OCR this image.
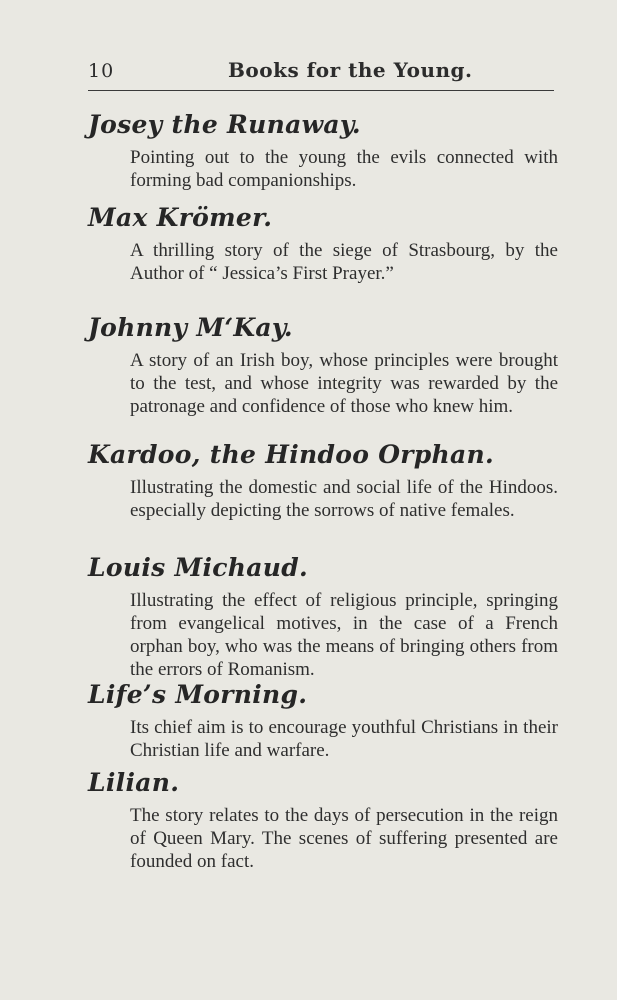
10	Books for the Young.
Josey the Runaway.

Pointing out to the young the evils connected with forming bad companionships.

Max Krömer.

A thrilling story of the siege of Strasbourg, by the Author of “ Jessica’s First Prayer.”

Johnny M‘Kay.

A story of an Irish boy, whose principles were brought to the test, and whose integrity was rewarded by the patronage and confidence of those who knew him.

Kardoo, the Hindoo Orphan.

Illustrating the domestic and social life of the Hindoos. especially depicting the sorrows of native females.

Louis Michaud.

Illustrating the effect of religious principle, springing from evangelical motives, in the case of a French orphan boy, who was the means of bringing others from the errors of Romanism.

Life’s Morning.

Its chief aim is to encourage youthful Christians in their Christian life and warfare.

Lilian.

The story relates to the days of persecution in the reign of Queen Mary. The scenes of suffering presented are founded on fact.
